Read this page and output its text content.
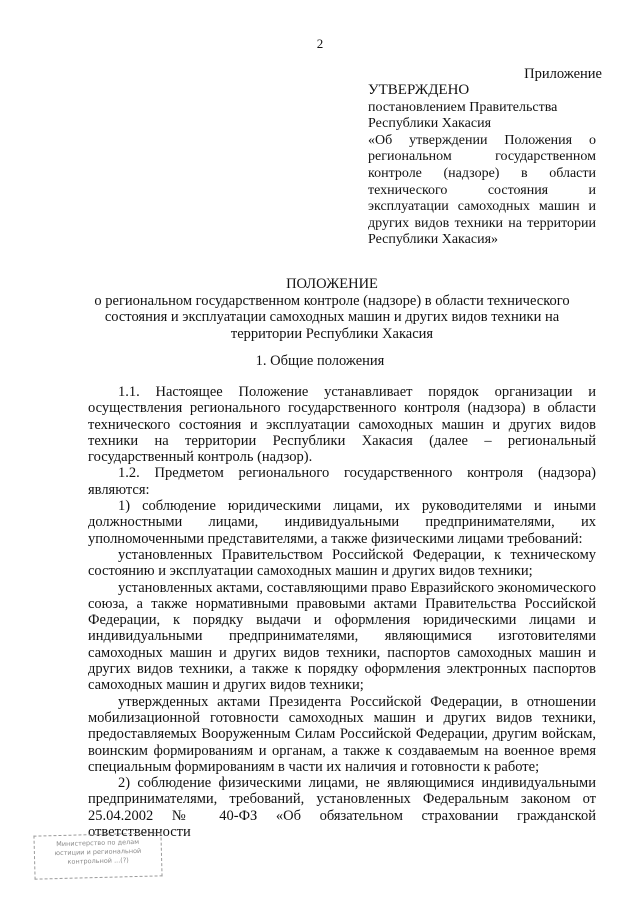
2
Приложение

УТВЕРЖДЕНО

постановлением Правительства

Республики Хакасия

«Об утверждении Положения о региональном государственном контроле (надзоре) в области технического состояния и эксплуатации самоходных машин и других видов техники на территории Республики Хакасия»

ПОЛОЖЕНИЕ
о региональном государственном контроле (надзоре) в области технического состояния и эксплуатации самоходных машин и других видов техники на территории Республики Хакасия
1. Общие положения

1.1. Настоящее Положение устанавливает порядок организации и осуществления регионального государственного контроля (надзора) в области технического состояния и эксплуатации самоходных машин и других видов техники на территории Республики Хакасия (далее – региональный государственный контроль (надзор).

1.2. Предметом регионального государственного контроля (надзора) являются:

1) соблюдение юридическими лицами, их руководителями и иными должностными лицами, индивидуальными предпринимателями, их уполномоченными представителями, а также физическими лицами требований:

установленных Правительством Российской Федерации, к техническому состоянию и эксплуатации самоходных машин и других видов техники;

установленных актами, составляющими право Евразийского экономического союза, а также нормативными правовыми актами Правительства Российской Федерации, к порядку выдачи и оформления юридическими лицами и индивидуальными предпринимателями, являющимися изготовителями самоходных машин и других видов техники, паспортов самоходных машин и других видов техники, а также к порядку оформления электронных паспортов самоходных машин и других видов техники;

утвержденных актами Президента Российской Федерации, в отношении мобилизационной готовности самоходных машин и других видов техники, предоставляемых Вооруженным Силам Российской Федерации, другим войскам, воинским формированиям и органам, а также к создаваемым на военное время специальным формированиям в части их наличия и готовности к работе;

2) соблюдение физическими лицами, не являющимися индивидуальными предпринимателями, требований, установленных Федеральным законом от 25.04.2002 № 40-ФЗ «Об обязательном страховании гражданской ответственности

Министерство по делам
юстиции и региональной
контрольной ...(?)
